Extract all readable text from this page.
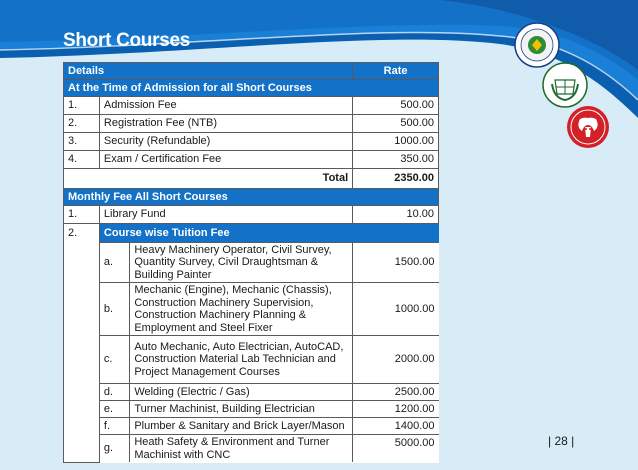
Short Courses
Details	Rate
At the Time of Admission for all Short Courses
1.	Admission Fee	500.00
2.	Registration Fee (NTB)	500.00
3.	Security (Refundable)	1000.00
4.	Exam / Certification Fee	350.00
Total	2350.00
Monthly Fee All Short Courses
1.	Library Fund	10.00
2.	Course wise Tuition Fee
a.	Heavy Machinery Operator, Civil Survey, Quantity Survey, Civil Draughtsman & Building Painter	1500.00
b.	Mechanic (Engine), Mechanic (Chassis), Construction Machinery Supervision, Construction Machinery Planning & Employment and Steel Fixer	1000.00
c.	Auto Mechanic, Auto Electrician, AutoCAD, Construction Material Lab Technician and Project Management Courses	2000.00
d.	Welding (Electric / Gas)	2500.00
e.	Turner Machinist, Building Electrician	1200.00
f.	Plumber & Sanitary and Brick Layer/Mason	1400.00
g.	Heath Safety & Environment and Turner Machinist with CNC	5000.00	| 28 |
